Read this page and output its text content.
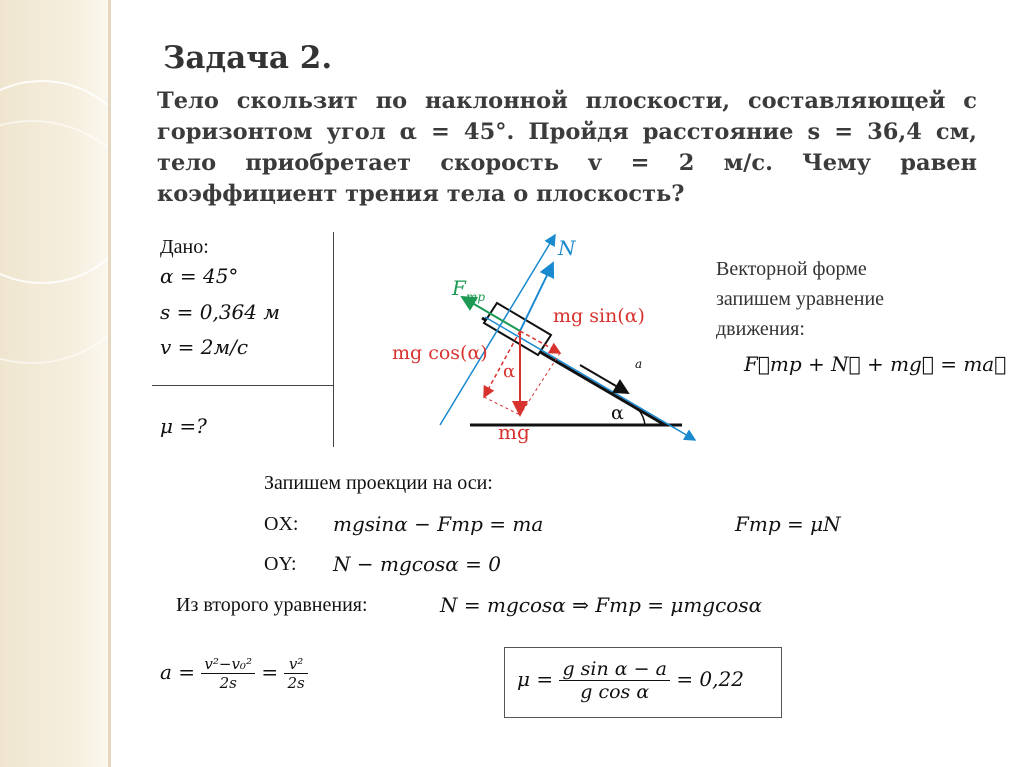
Задача 2.
Тело скользит по наклонной плоскости, составляющей с горизонтом угол α = 45°. Пройдя расстояние s = 36,4 см, тело приобретает скорость v = 2 м/с. Чему равен коэффициент трения тела о плоскость?
Дано:
α = 45°
s = 0,364 м
v = 2м/с
μ =?
N
F тр
mg sin(α)
mg cos(α)
α
mg
a
α
Векторной форме
запишем уравнение
движения:
F⃗тр + N⃗ + mg⃗ = ma⃗
Запишем проекции на оси:
OX: mgsinα − Fтр = ma	Fтр = μN
OY: N − mgcosα = 0
Из второго уравнения:	N = mgcosα ⇒ Fтр = μmgcosα
$a = \frac{\text{v²−v₀²}}{2s} = \frac{\text{v²}}{2s}$	$\mu = \frac{\text{g sin α − a}}{\text{g cos α}} = 0,22$
